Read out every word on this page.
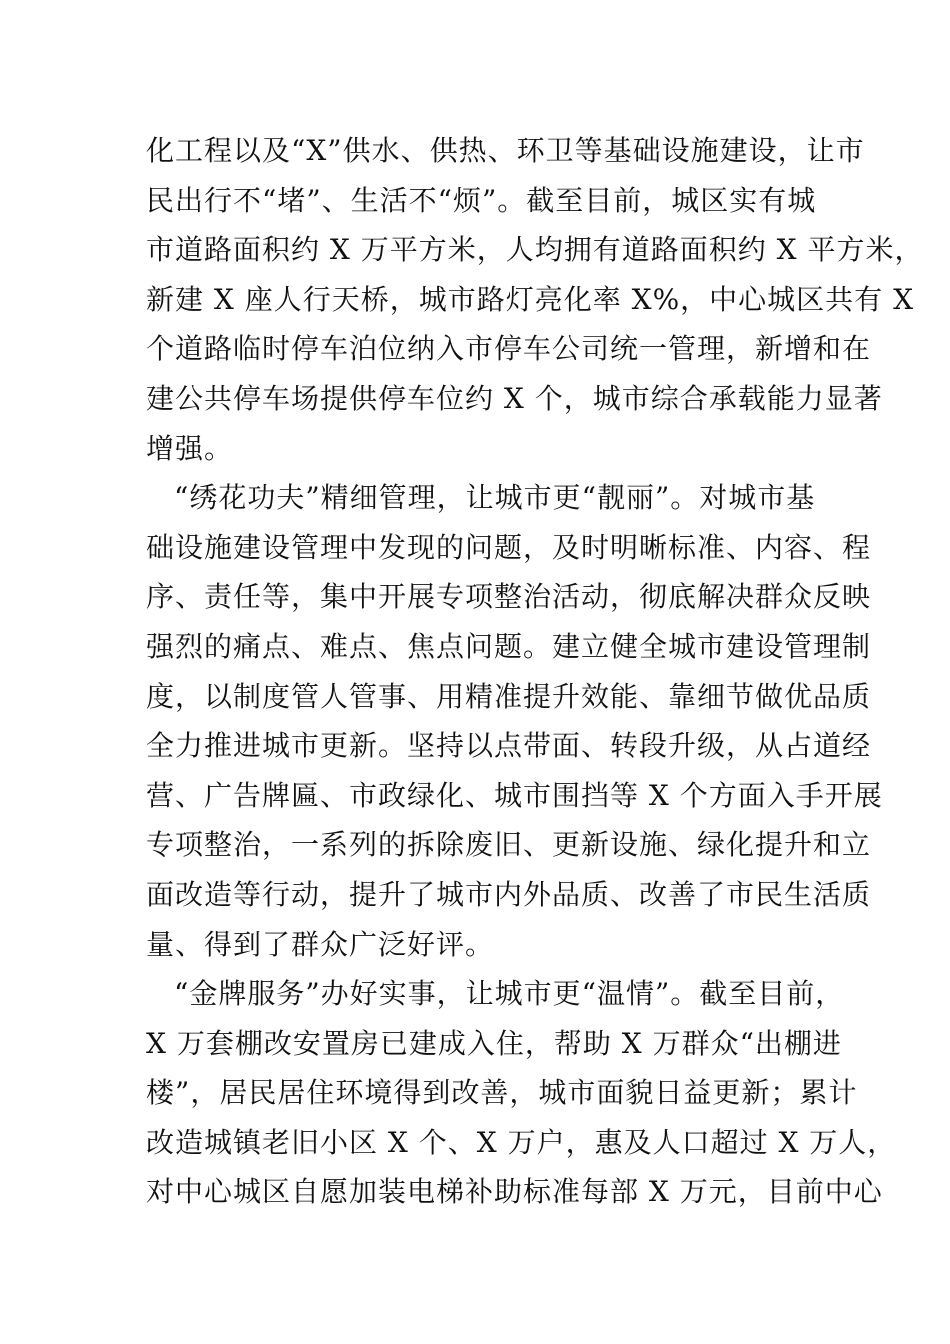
化工程以及“X”供水、供热、环卫等基础设施建设，让市
民出行不“堵”、生活不“烦”。截至目前，城区实有城
市道路面积约 X 万平方米，人均拥有道路面积约 X 平方米，
新建 X 座人行天桥，城市路灯亮化率 X%，中心城区共有 X
个道路临时停车泊位纳入市停车公司统一管理，新增和在
建公共停车场提供停车位约 X 个，城市综合承载能力显著
增强。
“绣花功夫”精细管理，让城市更“靓丽”。对城市基
础设施建设管理中发现的问题，及时明晰标准、内容、程
序、责任等，集中开展专项整治活动，彻底解决群众反映
强烈的痛点、难点、焦点问题。建立健全城市建设管理制
度，以制度管人管事、用精准提升效能、靠细节做优品质
全力推进城市更新。坚持以点带面、转段升级，从占道经
营、广告牌匾、市政绿化、城市围挡等 X 个方面入手开展
专项整治，一系列的拆除废旧、更新设施、绿化提升和立
面改造等行动，提升了城市内外品质、改善了市民生活质
量、得到了群众广泛好评。
“金牌服务”办好实事，让城市更“温情”。截至目前，
X 万套棚改安置房已建成入住，帮助 X 万群众“出棚进
楼”，居民居住环境得到改善，城市面貌日益更新；累计
改造城镇老旧小区 X 个、X 万户，惠及人口超过 X 万人，
对中心城区自愿加装电梯补助标准每部 X 万元，目前中心
